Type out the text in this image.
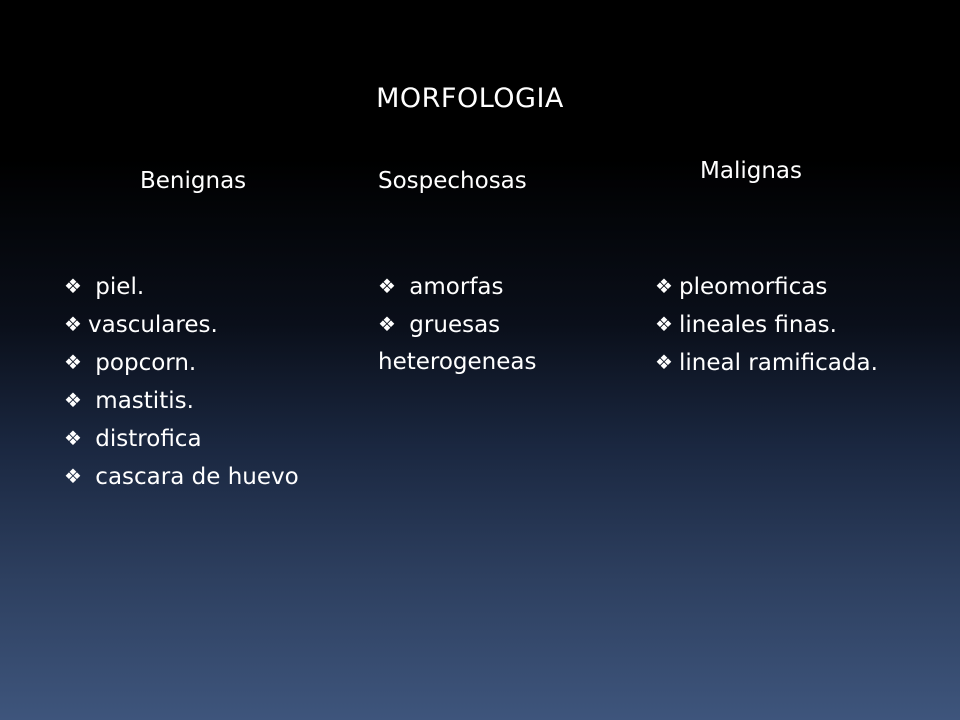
MORFOLOGIA
Benignas	Sospechosas	Malignas
❖ piel.
❖ vasculares.
❖ popcorn.
❖ mastitis.
❖ distrofica
❖ cascara de huevo
❖ amorfas
❖ gruesas
heterogeneas
❖ pleomorficas
❖ lineales finas.
❖ lineal ramificada.
